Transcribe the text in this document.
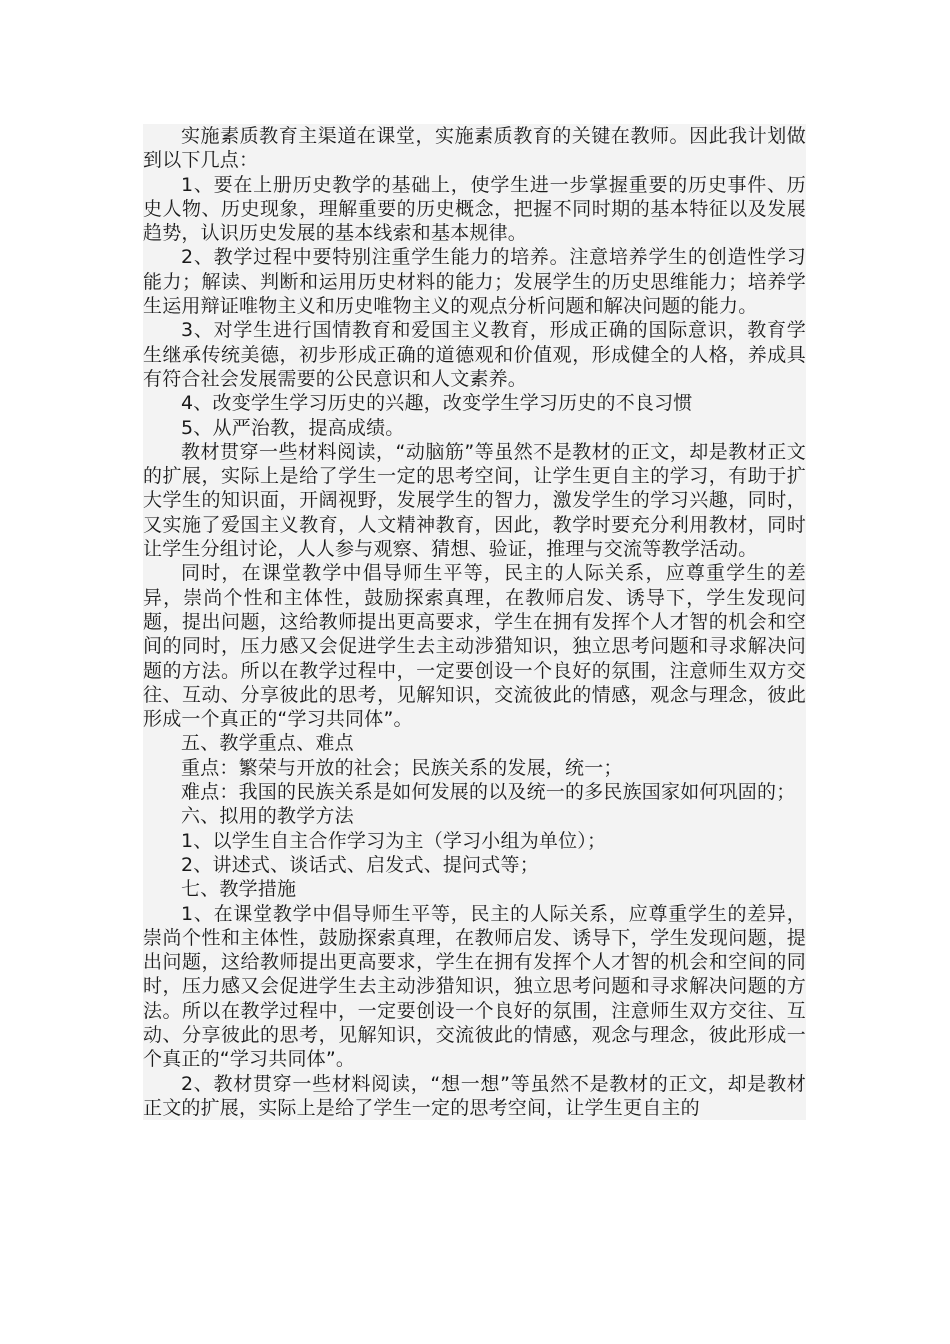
实施素质教育主渠道在课堂，实施素质教育的关键在教师。因此我计划做到以下几点：

1、要在上册历史教学的基础上，使学生进一步掌握重要的历史事件、历史人物、历史现象，理解重要的历史概念，把握不同时期的基本特征以及发展趋势，认识历史发展的基本线索和基本规律。

2、教学过程中要特别注重学生能力的培养。注意培养学生的创造性学习能力；解读、判断和运用历史材料的能力；发展学生的历史思维能力；培养学生运用辩证唯物主义和历史唯物主义的观点分析问题和解决问题的能力。

3、对学生进行国情教育和爱国主义教育，形成正确的国际意识，教育学生继承传统美德，初步形成正确的道德观和价值观，形成健全的人格，养成具有符合社会发展需要的公民意识和人文素养。

4、改变学生学习历史的兴趣，改变学生学习历史的不良习惯

5、从严治教，提高成绩。

教材贯穿一些材料阅读，“动脑筋”等虽然不是教材的正文，却是教材正文的扩展，实际上是给了学生一定的思考空间，让学生更自主的学习，有助于扩大学生的知识面，开阔视野，发展学生的智力，激发学生的学习兴趣，同时，又实施了爱国主义教育，人文精神教育，因此，教学时要充分利用教材，同时让学生分组讨论，人人参与观察、猜想、验证，推理与交流等教学活动。

同时，在课堂教学中倡导师生平等，民主的人际关系，应尊重学生的差异，崇尚个性和主体性，鼓励探索真理，在教师启发、诱导下，学生发现问题，提出问题，这给教师提出更高要求，学生在拥有发挥个人才智的机会和空间的同时，压力感又会促进学生去主动涉猎知识，独立思考问题和寻求解决问题的方法。所以在教学过程中，一定要创设一个良好的氛围，注意师生双方交往、互动、分享彼此的思考，见解知识，交流彼此的情感，观念与理念，彼此形成一个真正的“学习共同体”。

五、教学重点、难点

重点：繁荣与开放的社会；民族关系的发展，统一；

难点：我国的民族关系是如何发展的以及统一的多民族国家如何巩固的；

六、拟用的教学方法

1、以学生自主合作学习为主（学习小组为单位）；

2、讲述式、谈话式、启发式、提问式等；

七、教学措施

1、在课堂教学中倡导师生平等，民主的人际关系，应尊重学生的差异，崇尚个性和主体性，鼓励探索真理，在教师启发、诱导下，学生发现问题，提出问题，这给教师提出更高要求，学生在拥有发挥个人才智的机会和空间的同时，压力感又会促进学生去主动涉猎知识，独立思考问题和寻求解决问题的方法。所以在教学过程中，一定要创设一个良好的氛围，注意师生双方交往、互动、分享彼此的思考，见解知识，交流彼此的情感，观念与理念，彼此形成一个真正的“学习共同体”。

2、教材贯穿一些材料阅读，“想一想”等虽然不是教材的正文，却是教材正文的扩展，实际上是给了学生一定的思考空间，让学生更自主的
